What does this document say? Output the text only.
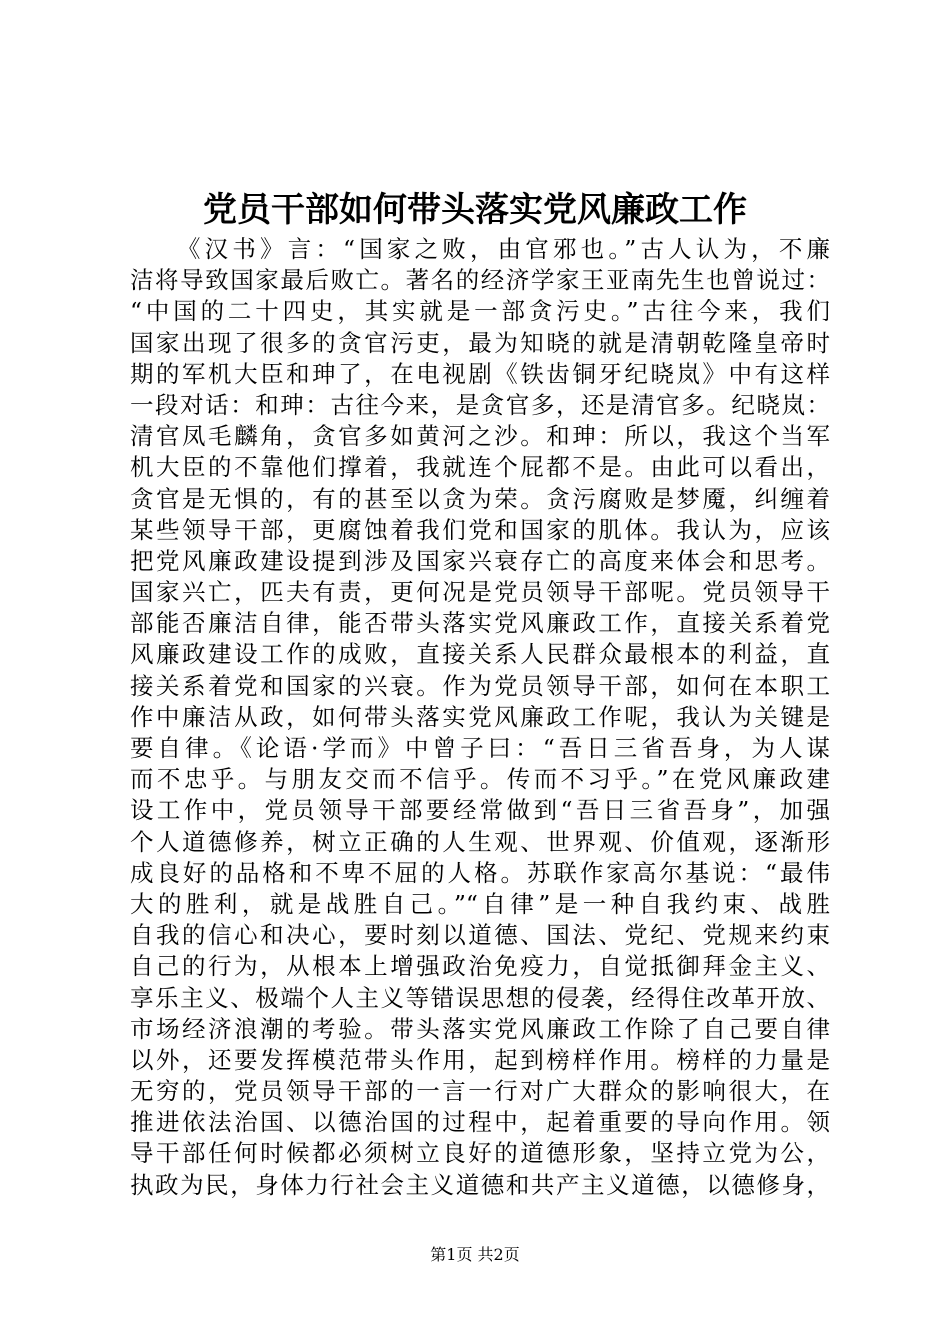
党员干部如何带头落实党风廉政工作
《汉书》言：“国家之败，由官邪也。”古人认为，不廉
洁将导致国家最后败亡。著名的经济学家王亚南先生也曾说过：
“中国的二十四史，其实就是一部贪污史。”古往今来，我们
国家出现了很多的贪官污吏，最为知晓的就是清朝乾隆皇帝时
期的军机大臣和珅了，在电视剧《铁齿铜牙纪晓岚》中有这样
一段对话：和珅：古往今来，是贪官多，还是清官多。纪晓岚：
清官凤毛麟角，贪官多如黄河之沙。和珅：所以，我这个当军
机大臣的不靠他们撑着，我就连个屁都不是。由此可以看出，
贪官是无惧的，有的甚至以贪为荣。贪污腐败是梦魇，纠缠着
某些领导干部，更腐蚀着我们党和国家的肌体。我认为，应该
把党风廉政建设提到涉及国家兴衰存亡的高度来体会和思考。
国家兴亡，匹夫有责，更何况是党员领导干部呢。党员领导干
部能否廉洁自律，能否带头落实党风廉政工作，直接关系着党
风廉政建设工作的成败，直接关系人民群众最根本的利益，直
接关系着党和国家的兴衰。作为党员领导干部，如何在本职工
作中廉洁从政，如何带头落实党风廉政工作呢，我认为关键是
要自律。《论语·学而》中曾子曰：“吾日三省吾身，为人谋
而不忠乎。与朋友交而不信乎。传而不习乎。”在党风廉政建
设工作中，党员领导干部要经常做到“吾日三省吾身”，加强
个人道德修养，树立正确的人生观、世界观、价值观，逐渐形
成良好的品格和不卑不屈的人格。苏联作家高尔基说：“最伟
大的胜利，就是战胜自己。”“自律”是一种自我约束、战胜
自我的信心和决心，要时刻以道德、国法、党纪、党规来约束
自己的行为，从根本上增强政治免疫力，自觉抵御拜金主义、
享乐主义、极端个人主义等错误思想的侵袭，经得住改革开放、
市场经济浪潮的考验。带头落实党风廉政工作除了自己要自律
以外，还要发挥模范带头作用，起到榜样作用。榜样的力量是
无穷的，党员领导干部的一言一行对广大群众的影响很大，在
推进依法治国、以德治国的过程中，起着重要的导向作用。领
导干部任何时候都必须树立良好的道德形象，坚持立党为公，
执政为民，身体力行社会主义道德和共产主义道德，以德修身，
第1页 共2页
